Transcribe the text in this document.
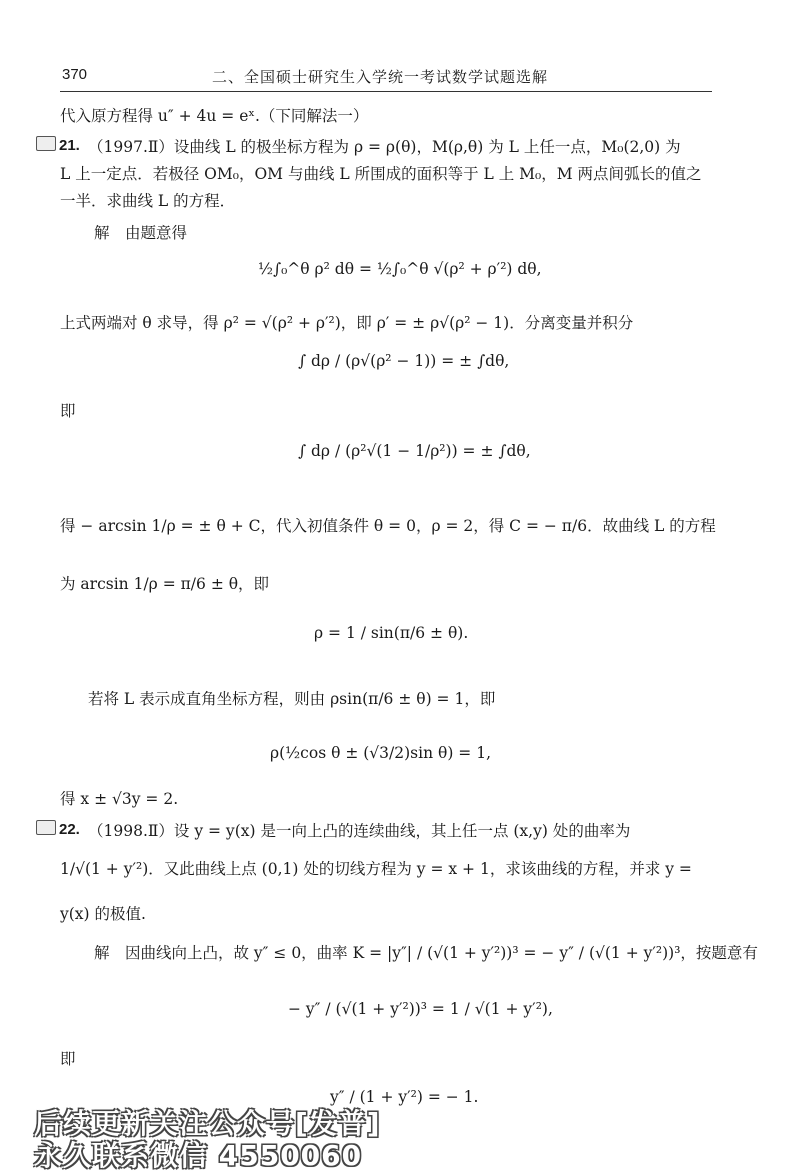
370	二、全国硕士研究生入学统一考试数学试题选解
代入原方程得 u″ + 4u = eˣ.（下同解法一）
21. （1997.Ⅱ）设曲线 L 的极坐标方程为 ρ = ρ(θ)，M(ρ,θ) 为 L 上任一点，M₀(2,0) 为
L 上一定点．若极径 OM₀，OM 与曲线 L 所围成的面积等于 L 上 M₀，M 两点间弧长的值之
一半．求曲线 L 的方程．
解　由题意得
½∫₀^θ ρ² dθ = ½∫₀^θ √(ρ² + ρ′²) dθ,
上式两端对 θ 求导，得 ρ² = √(ρ² + ρ′²)，即 ρ′ = ± ρ√(ρ² − 1)．分离变量并积分
∫ dρ / (ρ√(ρ² − 1)) = ± ∫dθ,
即
∫ dρ / (ρ²√(1 − 1/ρ²)) = ± ∫dθ,
得 − arcsin 1/ρ = ± θ + C，代入初值条件 θ = 0，ρ = 2，得 C = − π/6．故曲线 L 的方程
为 arcsin 1/ρ = π/6 ± θ，即
ρ = 1 / sin(π/6 ± θ).
若将 L 表示成直角坐标方程，则由 ρsin(π/6 ± θ) = 1，即
ρ(½cos θ ± (√3/2)sin θ) = 1,
得 x ± √3y = 2.
22. （1998.Ⅱ）设 y = y(x) 是一向上凸的连续曲线，其上任一点 (x,y) 处的曲率为
1/√(1 + y′²)．又此曲线上点 (0,1) 处的切线方程为 y = x + 1，求该曲线的方程，并求 y =
y(x) 的极值.
解　因曲线向上凸，故 y″ ≤ 0，曲率 K = |y″| / (√(1 + y′²))³ = − y″ / (√(1 + y′²))³，按题意有
− y″ / (√(1 + y′²))³ = 1 / √(1 + y′²),
即
y″ / (1 + y′²) = − 1.
后续更新关注公众号[发普]
永久联系微信 4550060
